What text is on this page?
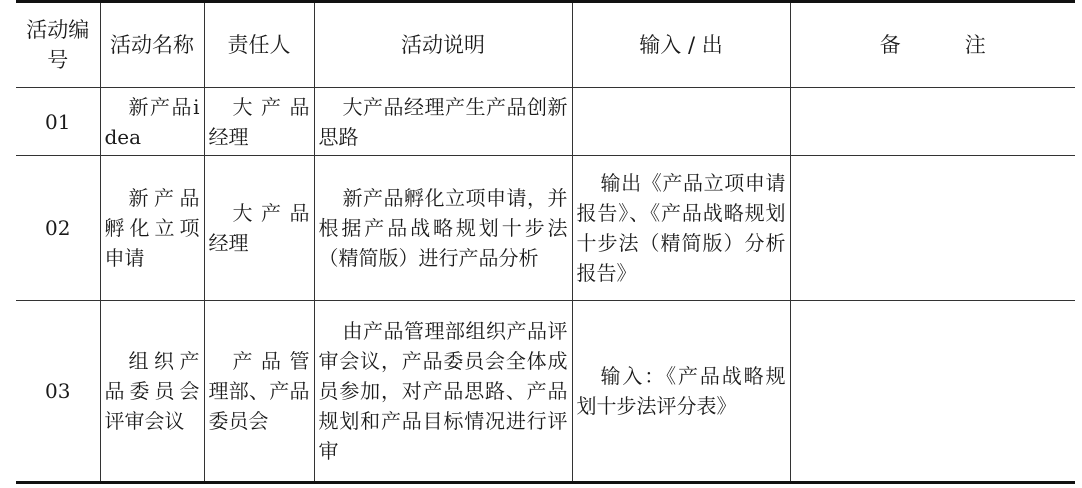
活动编号	活动名称	责任人	活动说明	输入 / 出	备注
01	新产品idea	大产品经理	大产品经理产生产品创新思路		
02	新产品孵化立项申请	大产品经理	新产品孵化立项申请，并根据产品战略规划十步法（精简版）进行产品分析	输出《产品立项申请报告》、《产品战略规划十步法（精简版）分析报告》	
03	组织产品委员会评审会议	产品管理部、产品委员会	由产品管理部组织产品评审会议，产品委员会全体成员参加，对产品思路、产品规划和产品目标情况进行评审	输入：《产品战略规划十步法评分表》	
